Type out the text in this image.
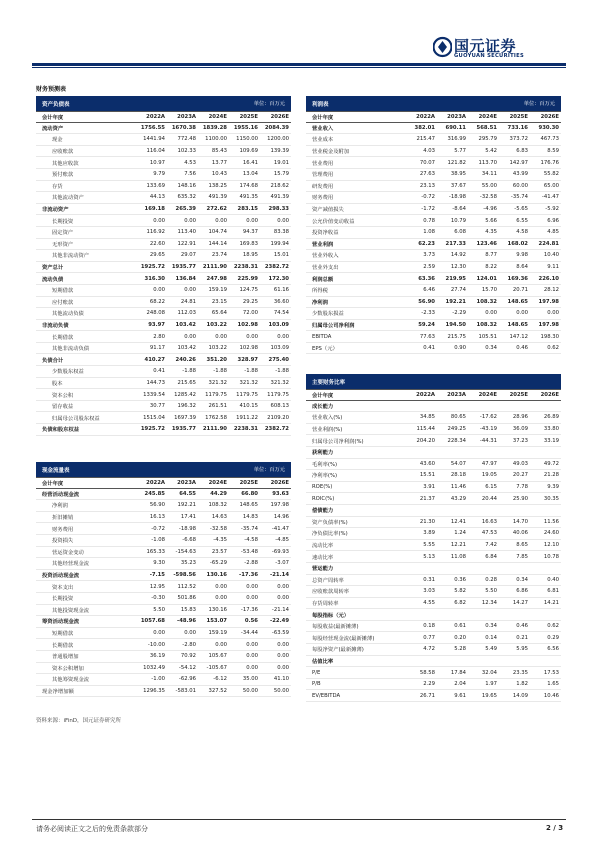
国元证券
GUOYUAN SECURITIES
财务预测表
资产负债表	单位：百万元
会计年度	2022A	2023A	2024E	2025E	2026E
流动资产	1756.55	1670.38	1839.28	1955.16	2084.39
现金	1441.94	772.48	1100.00	1150.00	1200.00
应收账款	116.04	102.33	85.43	109.69	139.39
其他应收款	10.97	4.53	13.77	16.41	19.01
预付账款	9.79	7.56	10.43	13.04	15.79
存货	133.69	148.16	138.25	174.68	218.62
其他流动资产	44.13	635.32	491.39	491.35	491.39
非流动资产	169.18	265.39	272.62	283.15	298.33
长期投资	0.00	0.00	0.00	0.00	0.00
固定资产	116.92	113.40	104.74	94.37	83.38
无形资产	22.60	122.91	144.14	169.83	199.94
其他非流动资产	29.65	29.07	23.74	18.95	15.01
资产总计	1925.72	1935.77	2111.90	2238.31	2382.72
流动负债	316.30	136.84	247.98	225.99	172.30
短期借款	0.00	0.00	159.19	124.75	61.16
应付账款	68.22	24.81	23.15	29.25	36.60
其他流动负债	248.08	112.03	65.64	72.00	74.54
非流动负债	93.97	103.42	103.22	102.98	103.09
长期借款	2.80	0.00	0.00	0.00	0.00
其他非流动负债	91.17	103.42	103.22	102.98	103.09
负债合计	410.27	240.26	351.20	328.97	275.40
少数股东权益	0.41	-1.88	-1.88	-1.88	-1.88
股本	144.73	215.65	321.32	321.32	321.32
资本公积	1339.54	1285.42	1179.75	1179.75	1179.75
留存收益	30.77	196.32	261.51	410.15	608.13
归属母公司股东权益	1515.04	1697.39	1762.58	1911.22	2109.20
负债和股东权益	1925.72	1935.77	2111.90	2238.31	2382.72
利润表	单位：百万元
会计年度	2022A	2023A	2024E	2025E	2026E
营业收入	382.01	690.11	568.51	733.16	930.30
营业成本	215.47	316.99	295.79	373.72	467.73
营业税金及附加	4.03	5.77	5.42	6.83	8.59
营业费用	70.07	121.82	113.70	142.97	176.76
管理费用	27.63	38.95	34.11	43.99	55.82
研发费用	23.13	37.67	55.00	60.00	65.00
财务费用	-0.72	-18.98	-32.58	-35.74	-41.47
资产减值损失	-1.72	-8.64	-4.96	-5.65	-5.92
公允价值变动收益	0.78	10.79	5.66	6.55	6.96
投资净收益	1.08	6.08	4.35	4.58	4.85
营业利润	62.23	217.33	123.46	168.02	224.81
营业外收入	3.73	14.92	8.77	9.98	10.40
营业外支出	2.59	12.30	8.22	8.64	9.11
利润总额	63.36	219.95	124.01	169.36	226.10
所得税	6.46	27.74	15.70	20.71	28.12
净利润	56.90	192.21	108.32	148.65	197.98
少数股东损益	-2.33	-2.29	0.00	0.00	0.00
归属母公司净利润	59.24	194.50	108.32	148.65	197.98
EBITDA	77.63	215.75	105.51	147.12	198.30
EPS（元）	0.41	0.90	0.34	0.46	0.62
现金流量表	单位：百万元
会计年度	2022A	2023A	2024E	2025E	2026E
经营活动现金流	245.85	64.55	44.29	66.80	93.63
净利润	56.90	192.21	108.32	148.65	197.98
折旧摊销	16.13	17.41	14.63	14.83	14.96
财务费用	-0.72	-18.98	-32.58	-35.74	-41.47
投资损失	-1.08	-6.68	-4.35	-4.58	-4.85
营运资金变动	165.33	-154.63	23.57	-53.48	-69.93
其他经营现金流	9.30	35.23	-65.29	-2.88	-3.07
投资活动现金流	-7.15	-598.56	130.16	-17.36	-21.14
资本支出	12.95	112.52	0.00	0.00	0.00
长期投资	-0.30	501.86	0.00	0.00	0.00
其他投资现金流	5.50	15.83	130.16	-17.36	-21.14
筹资活动现金流	1057.68	-48.96	153.07	0.56	-22.49
短期借款	0.00	0.00	159.19	-34.44	-63.59
长期借款	-10.00	-2.80	0.00	0.00	0.00
普通股增加	36.19	70.92	105.67	0.00	0.00
资本公积增加	1032.49	-54.12	-105.67	0.00	0.00
其他筹资现金流	-1.00	-62.96	-6.12	35.00	41.10
现金净增加额	1296.35	-583.01	327.52	50.00	50.00
主要财务比率
会计年度	2022A	2023A	2024E	2025E	2026E
成长能力
营业收入(%)	34.85	80.65	-17.62	28.96	26.89
营业利润(%)	115.44	249.25	-43.19	36.09	33.80
归属母公司净利润(%)	204.20	228.34	-44.31	37.23	33.19
获利能力
毛利率(%)	43.60	54.07	47.97	49.03	49.72
净利率(%)	15.51	28.18	19.05	20.27	21.28
ROE(%)	3.91	11.46	6.15	7.78	9.39
ROIC(%)	21.37	43.29	20.44	25.90	30.35
偿债能力
资产负债率(%)	21.30	12.41	16.63	14.70	11.56
净负债比率(%)	3.89	1.24	47.53	40.06	24.60
流动比率	5.55	12.21	7.42	8.65	12.10
速动比率	5.13	11.08	6.84	7.85	10.78
营运能力
总资产周转率	0.31	0.36	0.28	0.34	0.40
应收账款周转率	3.03	5.82	5.50	6.86	6.81
存货周转率	4.55	6.82	12.34	14.27	14.21
每股指标（元）
每股收益(最新摊薄)	0.18	0.61	0.34	0.46	0.62
每股经营现金流(最新摊薄)	0.77	0.20	0.14	0.21	0.29
每股净资产(最新摊薄)	4.72	5.28	5.49	5.95	6.56
估值比率
P/E	58.58	17.84	32.04	23.35	17.53
P/B	2.29	2.04	1.97	1.82	1.65
EV/EBITDA	26.71	9.61	19.65	14.09	10.46
资料来源：iFinD，国元证券研究所
请务必阅读正文之后的免责条款部分	2 / 3
